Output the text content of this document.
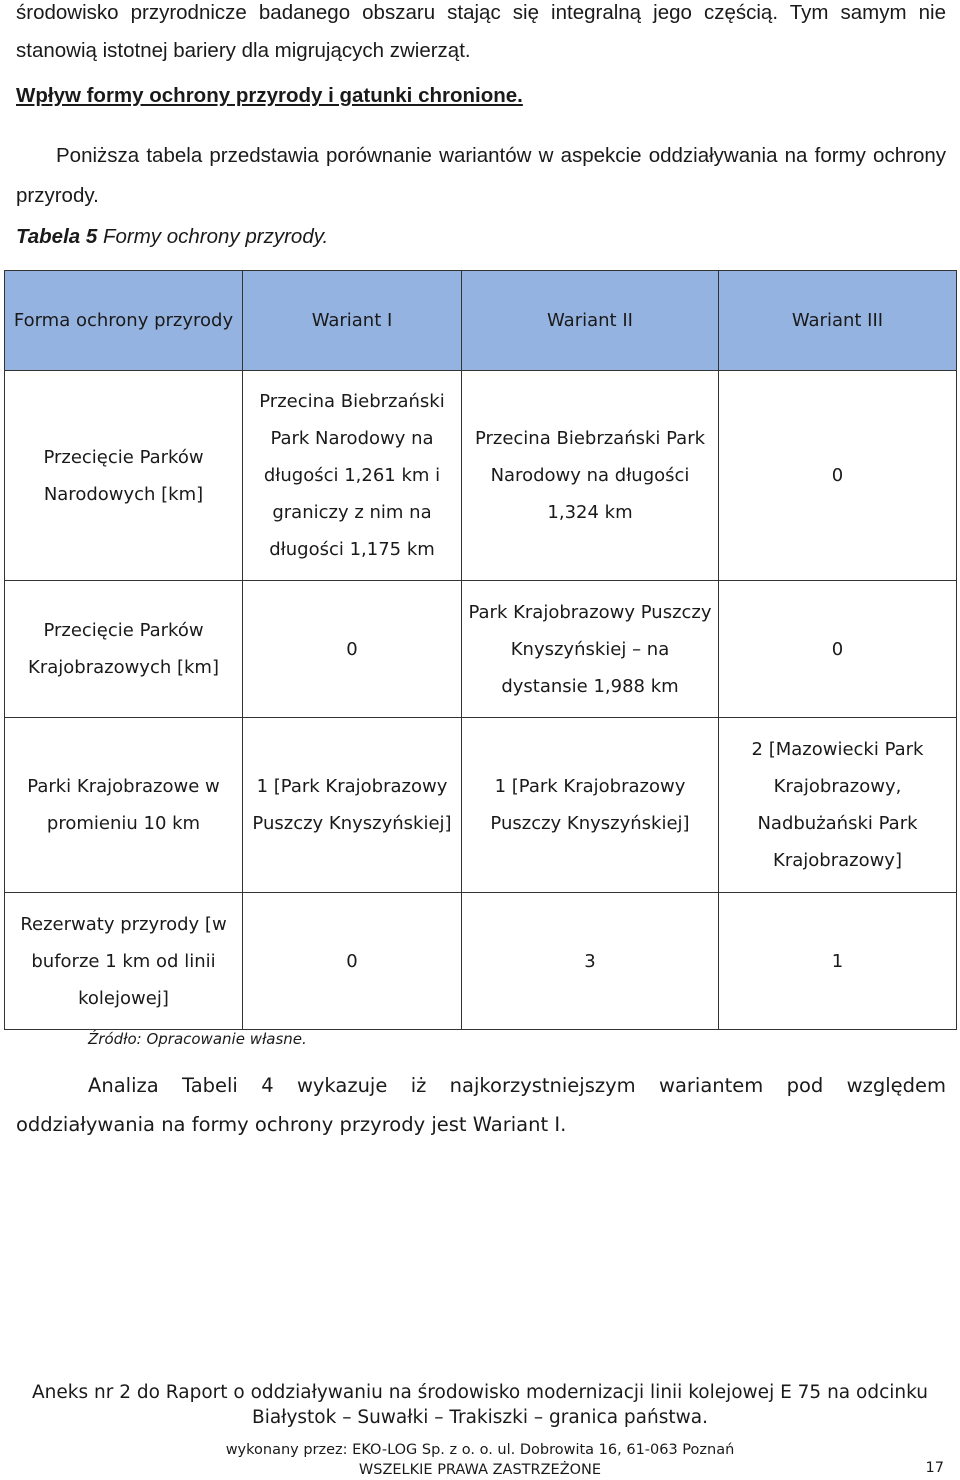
środowisko przyrodnicze badanego obszaru stając się integralną jego częścią. Tym samym nie
stanowią istotnej bariery dla migrujących zwierząt.
Wpływ formy ochrony przyrody i gatunki chronione.
Poniższa tabela przedstawia porównanie wariantów w aspekcie oddziaływania na formy ochrony przyrody.
Tabela 5 Formy ochrony przyrody.
Forma ochrony przyrody	Wariant I	Wariant II	Wariant III
Przecięcie Parków Narodowych [km]	Przecina Biebrzański Park Narodowy na długości 1,261 km i graniczy z nim na długości 1,175 km	Przecina Biebrzański Park Narodowy na długości 1,324 km	0
Przecięcie Parków Krajobrazowych [km]	0	Park Krajobrazowy Puszczy Knyszyńskiej – na dystansie 1,988 km	0
Parki Krajobrazowe w promieniu 10 km	1 [Park Krajobrazowy Puszczy Knyszyńskiej]	1 [Park Krajobrazowy Puszczy Knyszyńskiej]	2 [Mazowiecki Park Krajobrazowy, Nadbużański Park Krajobrazowy]
Rezerwaty przyrody [w buforze 1 km od linii kolejowej]	0	3	1
Źródło: Opracowanie własne.
Analiza Tabeli 4 wykazuje iż najkorzystniejszym wariantem pod względem oddziaływania na formy ochrony przyrody jest Wariant I.
Aneks nr 2 do Raport o oddziaływaniu na środowisko modernizacji linii kolejowej E 75 na odcinku
Białystok – Suwałki – Trakiszki – granica państwa.
wykonany przez: EKO-LOG Sp. z o. o. ul. Dobrowita 16, 61-063 Poznań
WSZELKIE PRAWA ZASTRZEŻONE	17
